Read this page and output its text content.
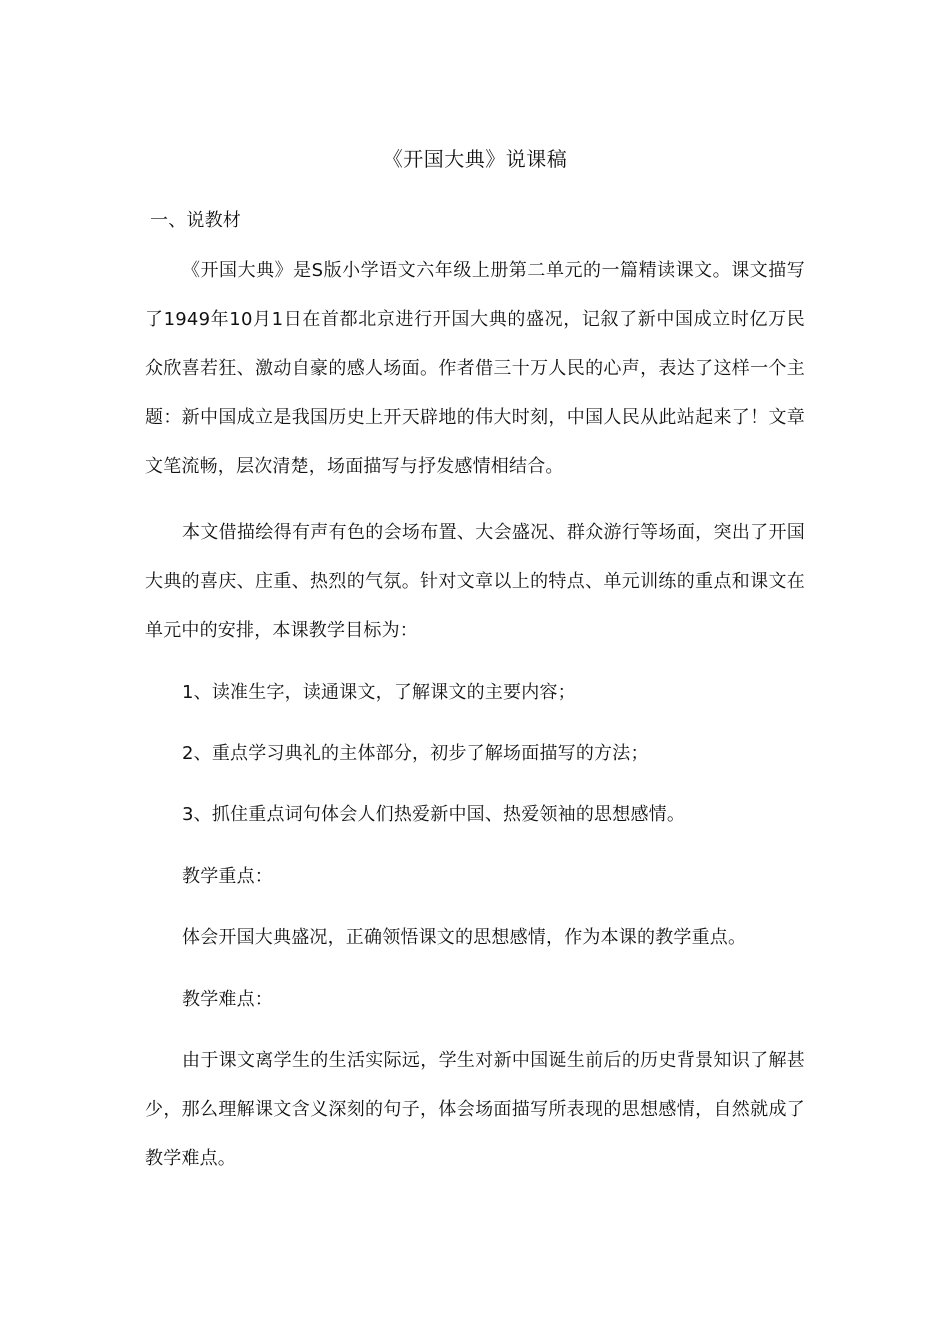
《开国大典》说课稿

一、说教材

《开国大典》是S版小学语文六年级上册第二单元的一篇精读课文。课文描写了1949年10月1日在首都北京进行开国大典的盛况，记叙了新中国成立时亿万民众欣喜若狂、激动自豪的感人场面。作者借三十万人民的心声，表达了这样一个主题：新中国成立是我国历史上开天辟地的伟大时刻，中国人民从此站起来了！文章文笔流畅，层次清楚，场面描写与抒发感情相结合。

本文借描绘得有声有色的会场布置、大会盛况、群众游行等场面，突出了开国大典的喜庆、庄重、热烈的气氛。针对文章以上的特点、单元训练的重点和课文在单元中的安排，本课教学目标为：

1、读准生字，读通课文，了解课文的主要内容；

2、重点学习典礼的主体部分，初步了解场面描写的方法；

3、抓住重点词句体会人们热爱新中国、热爱领袖的思想感情。

教学重点：

体会开国大典盛况，正确领悟课文的思想感情，作为本课的教学重点。

教学难点：

由于课文离学生的生活实际远，学生对新中国诞生前后的历史背景知识了解甚少，那么理解课文含义深刻的句子，体会场面描写所表现的思想感情，自然就成了教学难点。
